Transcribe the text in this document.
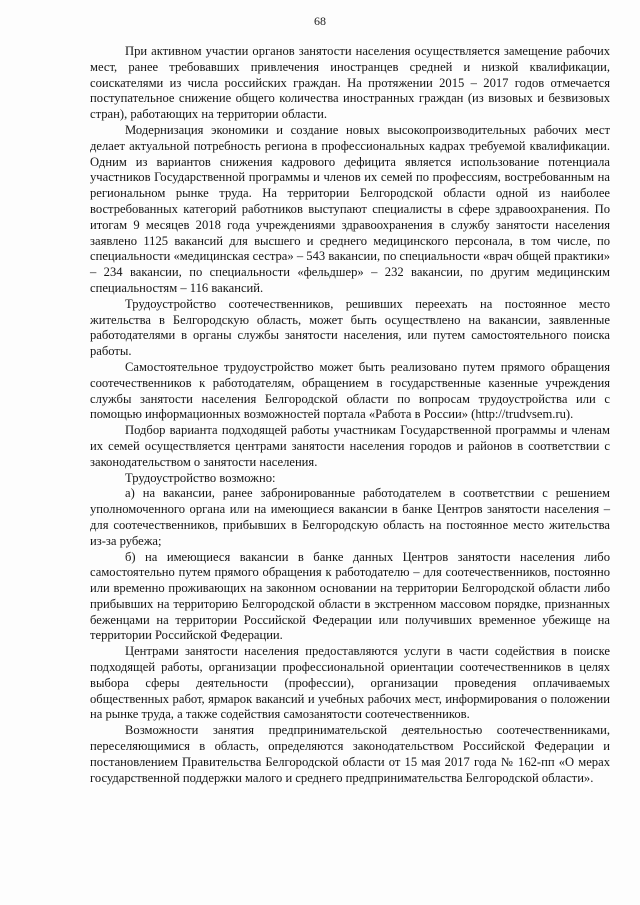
68

При активном участии органов занятости населения осуществляется замещение рабочих мест, ранее требовавших привлечения иностранцев средней и низкой квалификации, соискателями из числа российских граждан. На протяжении 2015 – 2017 годов отмечается поступательное снижение общего количества иностранных граждан (из визовых и безвизовых стран), работающих на территории области.

Модернизация экономики и создание новых высокопроизводительных рабочих мест делает актуальной потребность региона в профессиональных кадрах требуемой квалификации. Одним из вариантов снижения кадрового дефицита является использование потенциала участников Государственной программы и членов их семей по профессиям, востребованным на региональном рынке труда. На территории Белгородской области одной из наиболее востребованных категорий работников выступают специалисты в сфере здравоохранения. По итогам 9 месяцев 2018 года учреждениями здравоохранения в службу занятости населения заявлено 1125 вакансий для высшего и среднего медицинского персонала, в том числе, по специальности «медицинская сестра» – 543 вакансии, по специальности «врач общей практики» – 234 вакансии, по специальности «фельдшер» – 232 вакансии, по другим медицинским специальностям – 116 вакансий.

Трудоустройство соотечественников, решивших переехать на постоянное место жительства в Белгородскую область, может быть осуществлено на вакансии, заявленные работодателями в органы службы занятости населения, или путем самостоятельного поиска работы.

Самостоятельное трудоустройство может быть реализовано путем прямого обращения соотечественников к работодателям, обращением в государственные казенные учреждения службы занятости населения Белгородской области по вопросам трудоустройства или с помощью информационных возможностей портала «Работа в России» (http://trudvsem.ru).

Подбор варианта подходящей работы участникам Государственной программы и членам их семей осуществляется центрами занятости населения городов и районов в соответствии с законодательством о занятости населения.

Трудоустройство возможно:

а) на вакансии, ранее забронированные работодателем в соответствии с решением уполномоченного органа или на имеющиеся вакансии в банке Центров занятости населения – для соотечественников, прибывших в Белгородскую область на постоянное место жительства из-за рубежа;

б) на имеющиеся вакансии в банке данных Центров занятости населения либо самостоятельно путем прямого обращения к работодателю – для соотечественников, постоянно или временно проживающих на законном основании на территории Белгородской области либо прибывших на территорию Белгородской области в экстренном массовом порядке, признанных беженцами на территории Российской Федерации или получивших временное убежище на территории Российской Федерации.

Центрами занятости населения предоставляются услуги в части содействия в поиске подходящей работы, организации профессиональной ориентации соотечественников в целях выбора сферы деятельности (профессии), организации проведения оплачиваемых общественных работ, ярмарок вакансий и учебных рабочих мест, информирования о положении на рынке труда, а также содействия самозанятости соотечественников.

Возможности занятия предпринимательской деятельностью соотечественниками, переселяющимися в область, определяются законодательством Российской Федерации и постановлением Правительства Белгородской области от 15 мая 2017 года № 162-пп «О мерах государственной поддержки малого и среднего предпринимательства Белгородской области».
